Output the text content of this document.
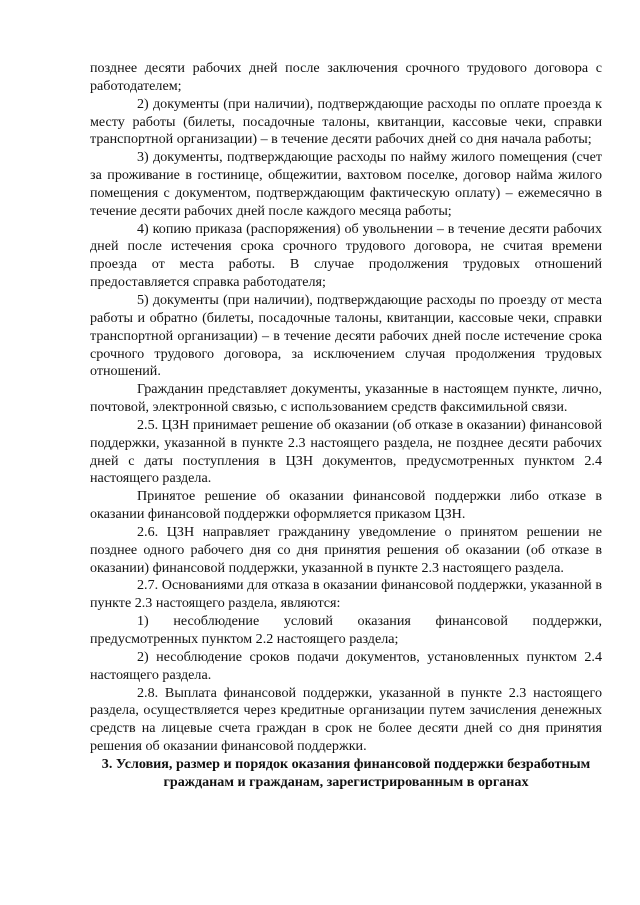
позднее десяти рабочих дней после заключения срочного трудового договора с работодателем;

2) документы (при наличии), подтверждающие расходы по оплате проезда к месту работы (билеты, посадочные талоны, квитанции, кассовые чеки, справки транспортной организации) – в течение десяти рабочих дней со дня начала работы;

3) документы, подтверждающие расходы по найму жилого помещения (счет за проживание в гостинице, общежитии, вахтовом поселке, договор найма жилого помещения с документом, подтверждающим фактическую оплату) – ежемесячно в течение десяти рабочих дней после каждого месяца работы;

4) копию приказа (распоряжения) об увольнении – в течение десяти рабочих дней после истечения срока срочного трудового договора, не считая времени проезда от места работы. В случае продолжения трудовых отношений предоставляется справка работодателя;

5) документы (при наличии), подтверждающие расходы по проезду от места работы и обратно (билеты, посадочные талоны, квитанции, кассовые чеки, справки транспортной организации) – в течение десяти рабочих дней после истечение срока срочного трудового договора, за исключением случая продолжения трудовых отношений.

Гражданин представляет документы, указанные в настоящем пункте, лично, почтовой, электронной связью, с использованием средств факсимильной связи.

2.5. ЦЗН принимает решение об оказании (об отказе в оказании) финансовой поддержки, указанной в пункте 2.3 настоящего раздела, не позднее десяти рабочих дней с даты поступления в ЦЗН документов, предусмотренных пунктом 2.4 настоящего раздела.

Принятое решение об оказании финансовой поддержки либо отказе в оказании финансовой поддержки оформляется приказом ЦЗН.

2.6. ЦЗН направляет гражданину уведомление о принятом решении не позднее одного рабочего дня со дня принятия решения об оказании (об отказе в оказании) финансовой поддержки, указанной в пункте 2.3 настоящего раздела.

2.7. Основаниями для отказа в оказании финансовой поддержки, указанной в пункте 2.3 настоящего раздела, являются:

1) несоблюдение условий оказания финансовой поддержки, предусмотренных пунктом 2.2 настоящего раздела;

2) несоблюдение сроков подачи документов, установленных пунктом 2.4 настоящего раздела.

2.8. Выплата финансовой поддержки, указанной в пункте 2.3 настоящего раздела, осуществляется через кредитные организации путем зачисления денежных средств на лицевые счета граждан в срок не более десяти дней со дня принятия решения об оказании финансовой поддержки.

3. Условия, размер и порядок оказания финансовой поддержки безработным гражданам и гражданам, зарегистрированным в органах
